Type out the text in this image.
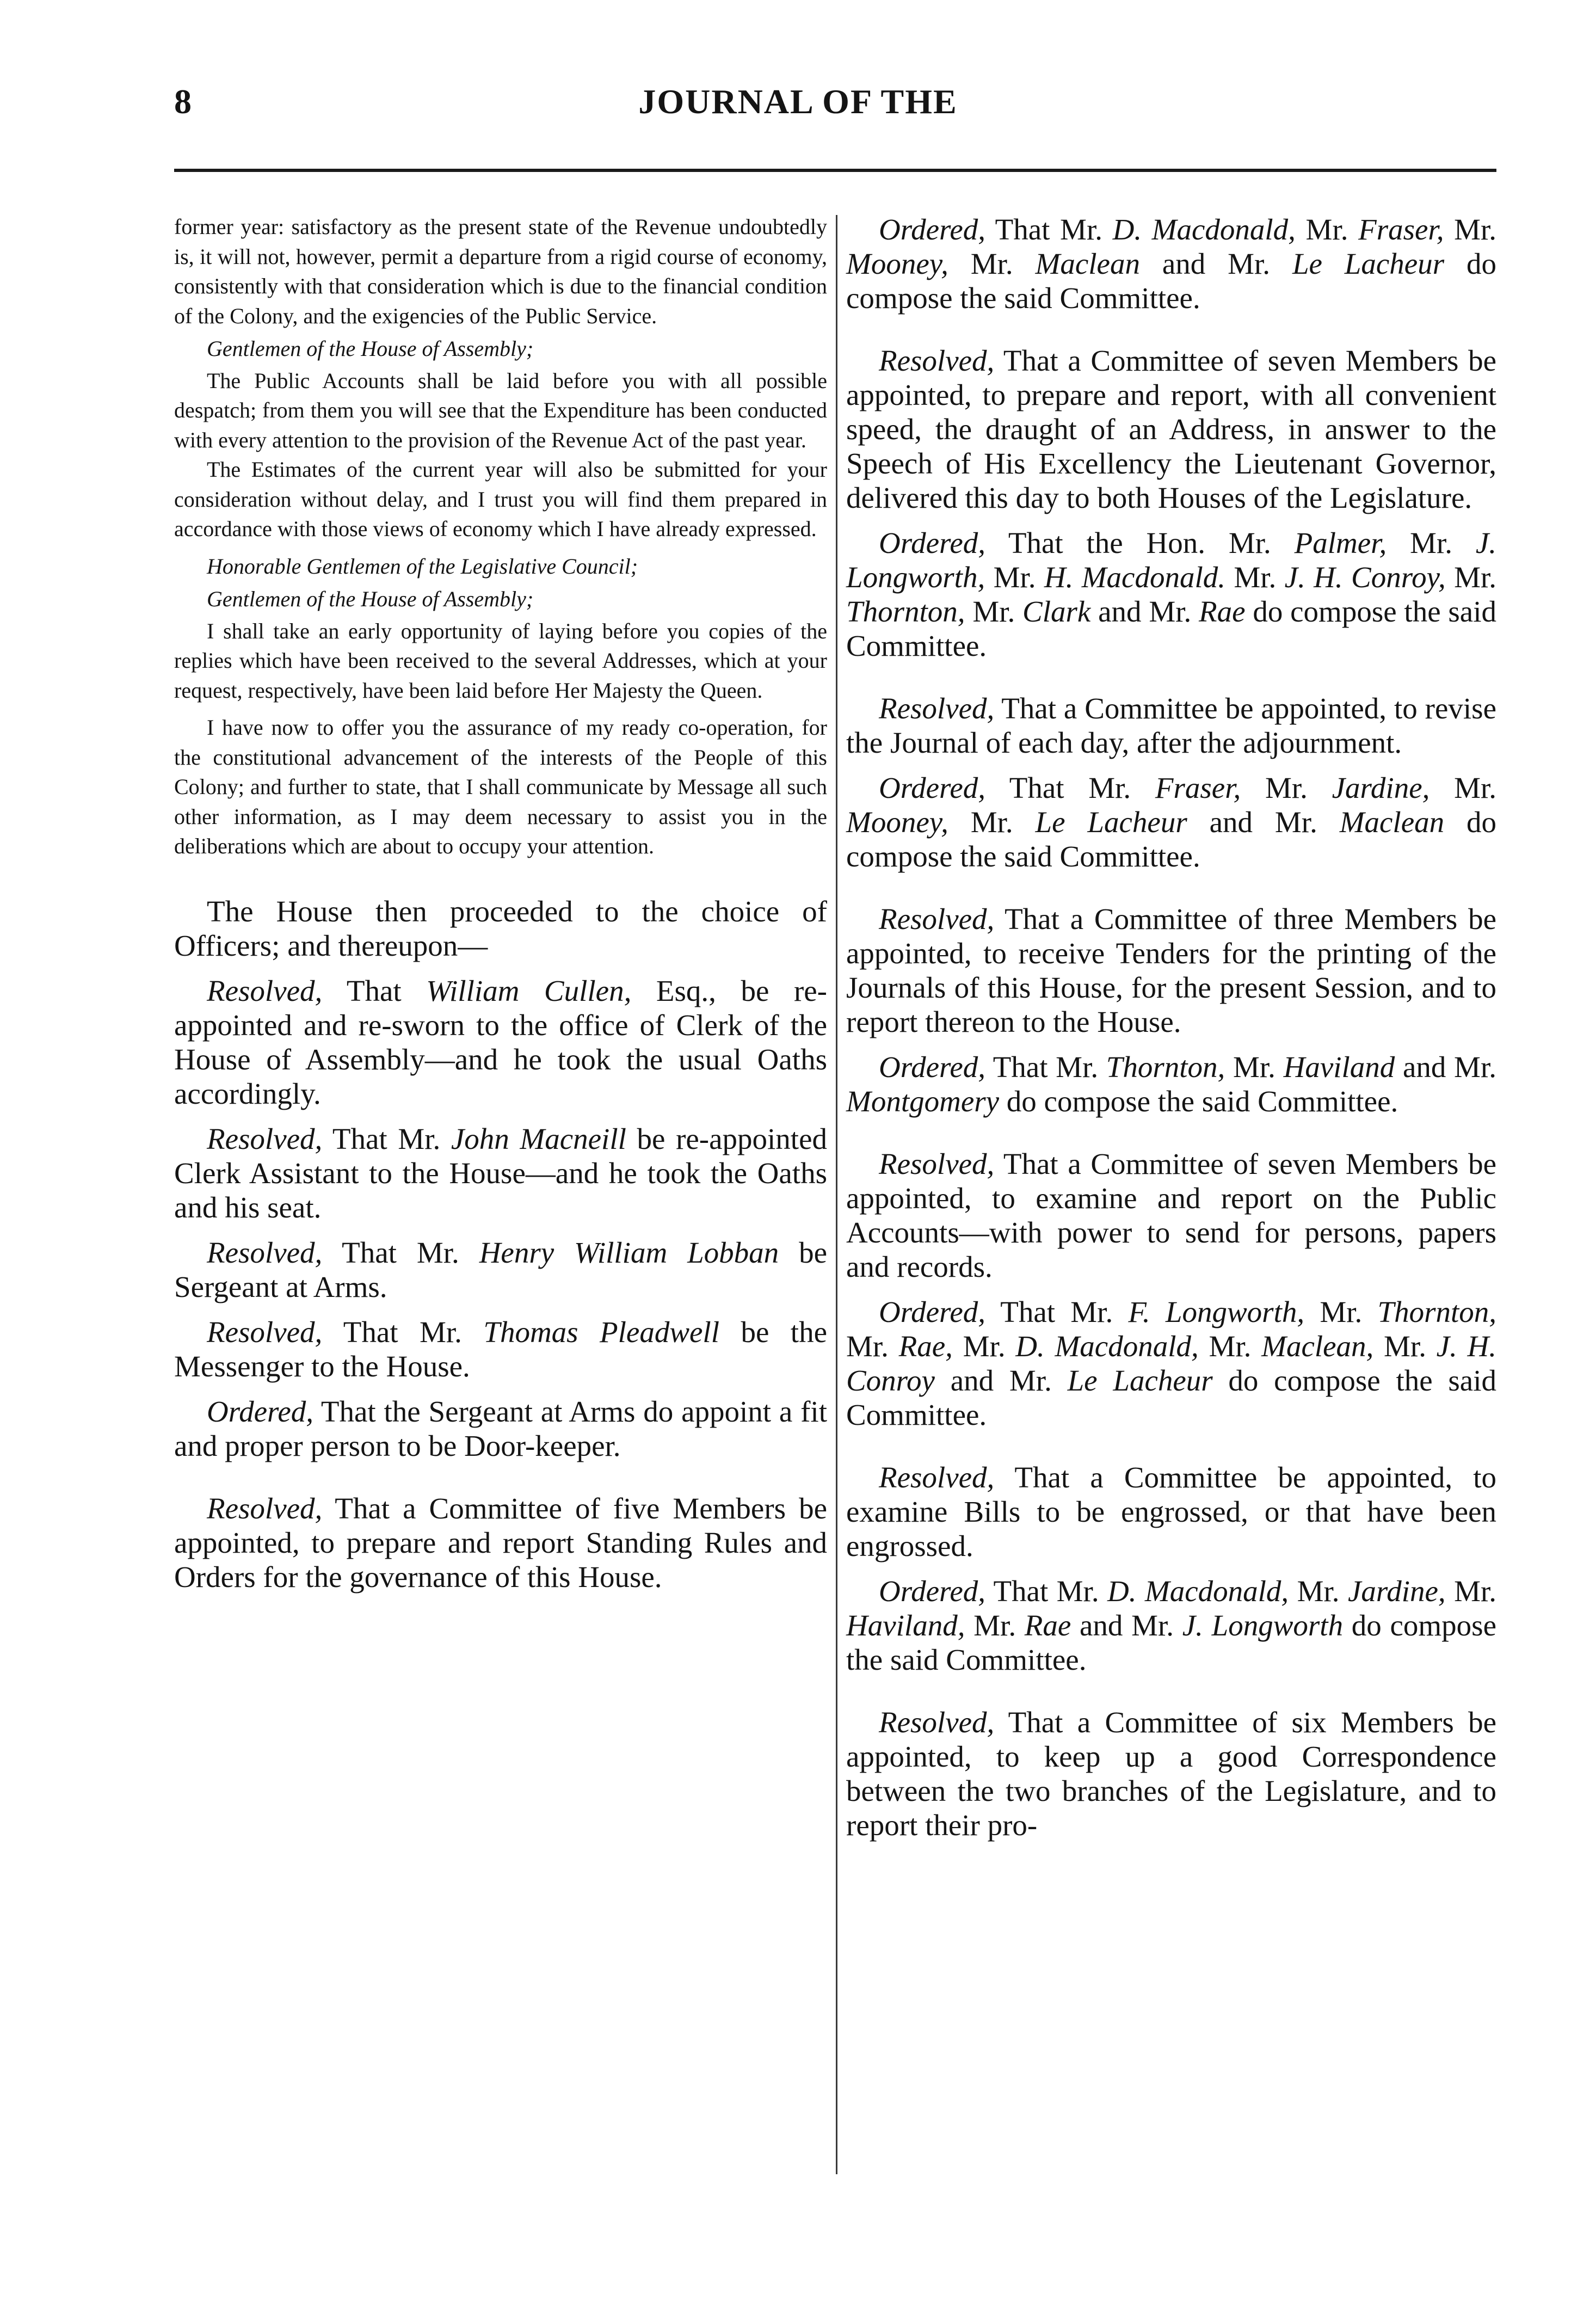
8	JOURNAL OF THE

former year: satisfactory as the present state of the Revenue undoubtedly is, it will not, however, permit a departure from a rigid course of economy, consistently with that consideration which is due to the financial condition of the Colony, and the exigencies of the Public Service.

Gentlemen of the House of Assembly;

The Public Accounts shall be laid before you with all possible despatch; from them you will see that the Expenditure has been conducted with every attention to the provision of the Revenue Act of the past year.

The Estimates of the current year will also be submitted for your consideration without delay, and I trust you will find them prepared in accordance with those views of economy which I have already expressed.

Honorable Gentlemen of the Legislative Council;

Gentlemen of the House of Assembly;

I shall take an early opportunity of laying before you copies of the replies which have been received to the several Addresses, which at your request, respectively, have been laid before Her Majesty the Queen.

I have now to offer you the assurance of my ready co-operation, for the constitutional advancement of the interests of the People of this Colony; and further to state, that I shall communicate by Message all such other information, as I may deem necessary to assist you in the deliberations which are about to occupy your attention.

The House then proceeded to the choice of Officers; and thereupon—

Resolved, That William Cullen, Esq., be re-appointed and re-sworn to the office of Clerk of the House of Assembly—and he took the usual Oaths accordingly.

Resolved, That Mr. John Macneill be re-appointed Clerk Assistant to the House—and he took the Oaths and his seat.

Resolved, That Mr. Henry William Lobban be Sergeant at Arms.

Resolved, That Mr. Thomas Pleadwell be the Messenger to the House.

Ordered, That the Sergeant at Arms do appoint a fit and proper person to be Door-keeper.

Resolved, That a Committee of five Members be appointed, to prepare and report Standing Rules and Orders for the governance of this House.

Ordered, That Mr. D. Macdonald, Mr. Fraser, Mr. Mooney, Mr. Maclean and Mr. Le Lacheur do compose the said Committee.

Resolved, That a Committee of seven Members be appointed, to prepare and report, with all convenient speed, the draught of an Address, in answer to the Speech of His Excellency the Lieutenant Governor, delivered this day to both Houses of the Legislature.

Ordered, That the Hon. Mr. Palmer, Mr. J. Longworth, Mr. H. Macdonald. Mr. J. H. Conroy, Mr. Thornton, Mr. Clark and Mr. Rae do compose the said Committee.

Resolved, That a Committee be appointed, to revise the Journal of each day, after the adjournment.

Ordered, That Mr. Fraser, Mr. Jardine, Mr. Mooney, Mr. Le Lacheur and Mr. Maclean do compose the said Committee.

Resolved, That a Committee of three Members be appointed, to receive Tenders for the printing of the Journals of this House, for the present Session, and to report thereon to the House.

Ordered, That Mr. Thornton, Mr. Haviland and Mr. Montgomery do compose the said Committee.

Resolved, That a Committee of seven Members be appointed, to examine and report on the Public Accounts—with power to send for persons, papers and records.

Ordered, That Mr. F. Longworth, Mr. Thornton, Mr. Rae, Mr. D. Macdonald, Mr. Maclean, Mr. J. H. Conroy and Mr. Le Lacheur do compose the said Committee.

Resolved, That a Committee be appointed, to examine Bills to be engrossed, or that have been engrossed.

Ordered, That Mr. D. Macdonald, Mr. Jardine, Mr. Haviland, Mr. Rae and Mr. J. Longworth do compose the said Committee.

Resolved, That a Committee of six Members be appointed, to keep up a good Correspondence between the two branches of the Legislature, and to report their pro-
